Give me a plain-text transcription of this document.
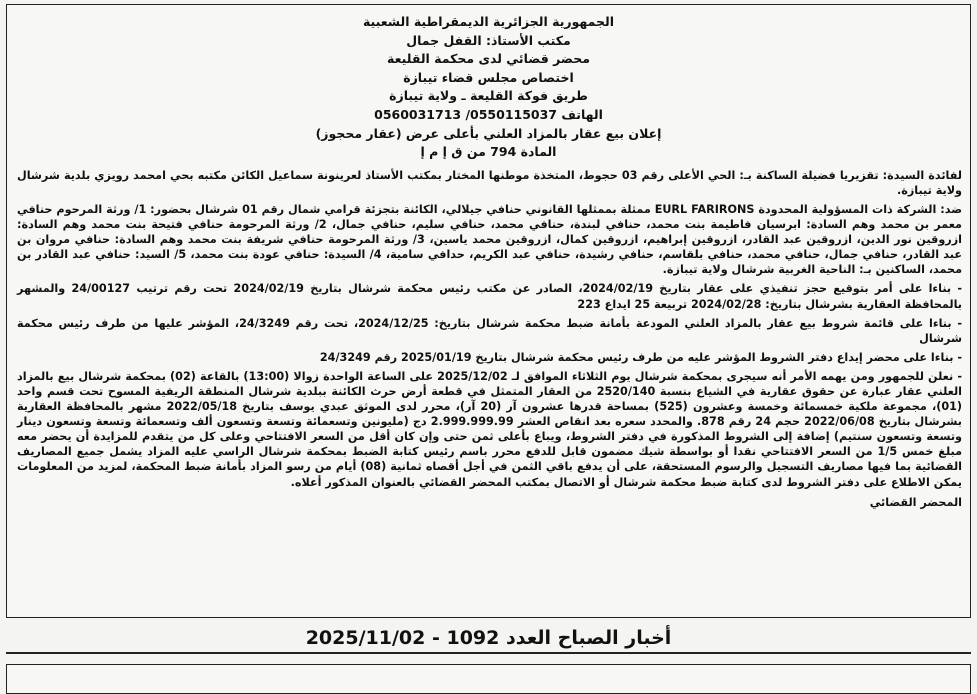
الجمهورية الجزائرية الديمقراطية الشعبية
مكتب الأستاذ: القفل جمال
محضر قضائي لدى محكمة القليعة
اختصاص مجلس قضاء تيبازة
طريق فوكة القليعة ـ ولاية تيبازة
الهاتف 0550115037/ 0560031713
إعلان بيع عقار بالمزاد العلني بأعلى عرض (عقار محجوز)
المادة 794 من ق إ م إ

لفائدة السيدة: تقزيريا فضيلة الساكنة بـ: الحي الأعلى رقم 03 حجوط، المتخذة موطنها المختار بمكتب الأستاذ لعرينونة سماعيل الكائن مكتبه بحي امحمد رويزي بلدية شرشال ولاية تيبازة.

ضد: الشركة ذات المسؤولية المحدودة EURL FARIRONS ممثلة بممثلها القانوني حنافي جيلالي، الكائنة بتجزئة قرامي شمال رقم 01 شرشال بحضور: 1/ ورثة المرحوم حنافي معمر بن محمد وهم السادة: ابرسيان فاطيمة بنت محمد، حنافي لبندة، حنافي محمد، حنافي سليم، حنافي جمال، 2/ ورثة المرحومة حنافي فتيحة بنت محمد وهم السادة: ازروقين نور الدين، ازروقين عبد القادر، ازروقين إبراهيم، ازروقين كمال، ازروقين محمد ياسين، 3/ ورثة المرحومة حنافي شريفة بنت محمد وهم السادة: حنافي مروان بن عبد القادر، حنافي جمال، حنافي محمد، حنافي بلقاسم، حنافي رشيدة، حنافي عبد الكريم، حدافي سامية، 4/ السيدة: حنافي عودة بنت محمد، 5/ السيد: حنافي عبد القادر بن محمد، الساكنين بـ: الناحية الغربية شرشال ولاية تيبازة.

- بناءا على أمر بتوقيع حجز تنفيذي على عقار بتاريخ 2024/02/19، الصادر عن مكتب رئيس محكمة شرشال بتاريخ 2024/02/19 تحت رقم ترتيب 24/00127 والمشهر بالمحافظة العقارية بشرشال بتاريخ: 2024/02/28 تربيعة 25 ايداع 223

- بناءا على قائمة شروط بيع عقار بالمزاد العلني المودعة بأمانة ضبط محكمة شرشال بتاريخ: 2024/12/25، تحت رقم 24/3249، المؤشر عليها من طرف رئيس محكمة شرشال

- بناءا على محضر إيداع دفتر الشروط المؤشر عليه من طرف رئيس محكمة شرشال بتاريخ 2025/01/19 رقم 24/3249

- نعلن للجمهور ومن يهمه الأمر أنه سيجرى بمحكمة شرشال يوم الثلاثاء الموافق لـ 2025/12/02 على الساعة الواحدة زوالا (13:00) بالقاعة (02) بمحكمة شرشال بيع بالمزاد العلني عقار عبارة عن حقوق عقارية في الشياع بنسبة 2520/140 من العقار المتمثل في قطعة أرض حرث الكائنة ببلدية شرشال المنطقة الريفية المسوح تحت قسم واحد (01)، مجموعة ملكية خمسمائة وخمسة وعشرون (525) بمساحة قدرها عشرون آر (20 آر)، محرر لدى الموثق عبدي يوسف بتاريخ 2022/05/18 مشهر بالمحافظة العقارية بشرشال بتاريخ 2022/06/08 حجم 24 رقم 878. والمحدد سعره بعد انقاص العشر 2.999.999.99 دج (مليونين وتسعمائة وتسعة وتسعون ألف وتسعمائة وتسعة وتسعون دينار وتسعة وتسعون سنتيم) إضافة إلى الشروط المذكورة في دفتر الشروط، ويباع بأعلى ثمن حتى وإن كان أقل من السعر الافتتاحي وعلى كل من يتقدم للمزايدة أن يحضر معه مبلغ خمس 1/5 من السعر الافتتاحي نقدا أو بواسطة شيك مضمون قابل للدفع محرر باسم رئيس كتابة الضبط بمحكمة شرشال الراسي عليه المزاد يشمل جميع المصاريف القضائية بما فيها مصاريف التسجيل والرسوم المستحقة، على أن يدفع باقي الثمن في أجل أقصاه ثمانية (08) أيام من رسو المزاد بأمانة ضبط المحكمة، لمزيد من المعلومات يمكن الاطلاع على دفتر الشروط لدى كتابة ضبط محكمة شرشال أو الاتصال بمكتب المحضر القضائي بالعنوان المذكور أعلاه.

المحضر القضائي
أخبار الصباح العدد 1092 - 2025/11/02
